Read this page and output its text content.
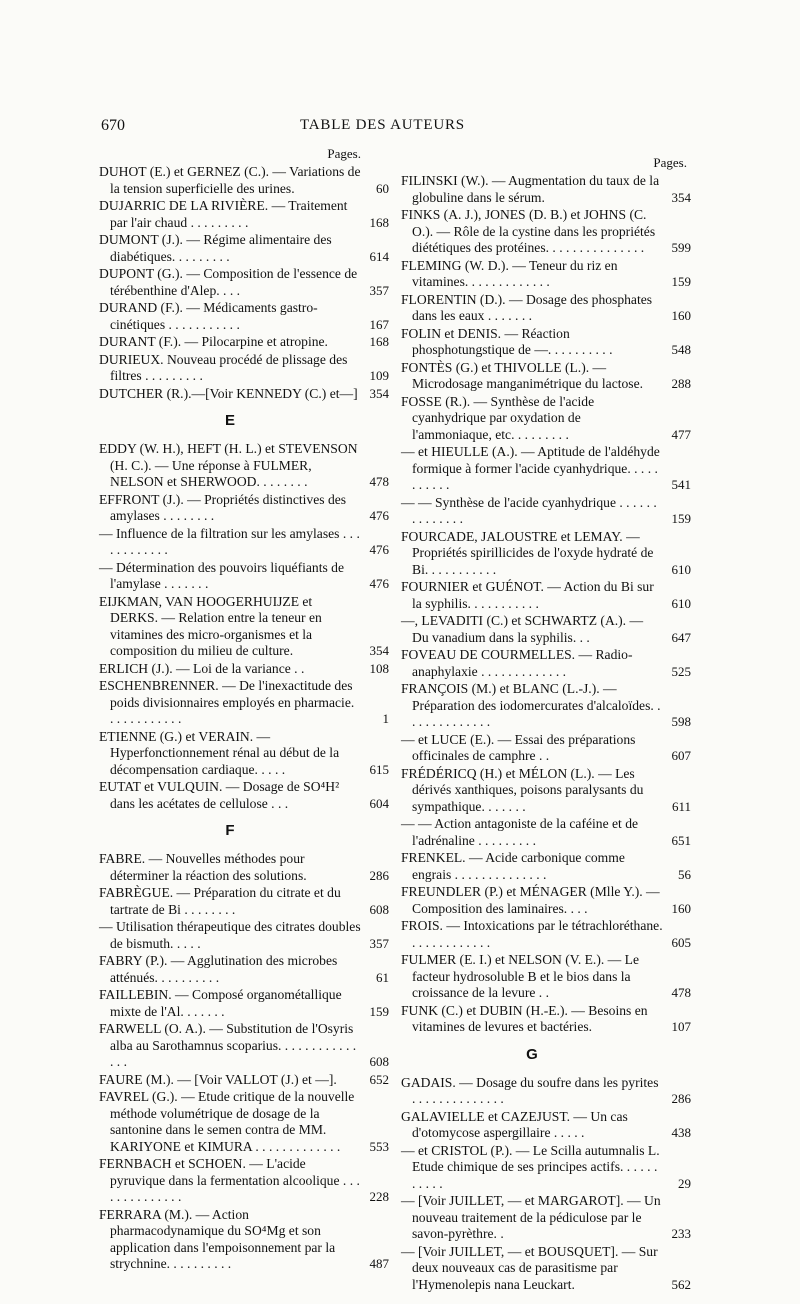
670	TABLE DES AUTEURS
Pages.
DUHOT (E.) et GERNEZ (C.). — Variations de la tension superficielle des urines.	60
DUJARRIC DE LA RIVIÈRE. — Traitement par l'air chaud . . . . . . . . .	168
DUMONT (J.). — Régime alimentaire des diabétiques. . . . . . . . .	614
DUPONT (G.). — Composition de l'essence de térébenthine d'Alep. . . .	357
DURAND (F.). — Médicaments gastro-cinétiques . . . . . . . . . . .	167
DURANT (F.). — Pilocarpine et atropine.	168
DURIEUX. Nouveau procédé de plissage des filtres . . . . . . . . .	109
DUTCHER (R.).—[Voir KENNEDY (C.) et—] 354
E
EDDY (W. H.), HEFT (H. L.) et STEVENSON (H. C.). — Une réponse à FULMER, NELSON et SHERWOOD. . . . . . . .	478
EFFRONT (J.). — Propriétés distinctives des amylases . . . . . . . .	476
— Influence de la filtration sur les amylases . . . . . . . . . . . .	476
— Détermination des pouvoirs liquéfiants de l'amylase . . . . . . .	476
EIJKMAN, VAN HOOGERHUIJZE et DERKS. — Relation entre la teneur en vitamines des micro-organismes et la composition du milieu de culture.	354
ERLICH (J.). — Loi de la variance . .	108
ESCHENBRENNER. — De l'inexactitude des poids divisionnaires employés en pharmacie. . . . . . . . . . . .	1
ETIENNE (G.) et VERAIN. — Hyperfonctionnement rénal au début de la décompensation cardiaque. . . . .	615
EUTAT et VULQUIN. — Dosage de SO⁴H² dans les acétates de cellulose . . .	604
F
FABRE. — Nouvelles méthodes pour déterminer la réaction des solutions.	286
FABRÈGUE. — Préparation du citrate et du tartrate de Bi . . . . . . . .	608
— Utilisation thérapeutique des citrates doubles de bismuth. . . . .	357
FABRY (P.). — Agglutination des microbes atténués. . . . . . . . . .	61
FAILLEBIN. — Composé organométallique mixte de l'Al. . . . . . .	159
FARWELL (O. A.). — Substitution de l'Osyris alba au Sarothamnus scoparius. . . . . . . . . . . . . . .	608
FAURE (M.). — [Voir VALLOT (J.) et —].	652
FAVREL (G.). — Etude critique de la nouvelle méthode volumétrique de dosage de la santonine dans le semen contra de MM. KARIYONE et KIMURA . . . . . . . . . . . . . 553
FERNBACH et SCHOEN. — L'acide pyruvique dans la fermentation alcoolique . . . . . . . . . . . . . .	228
FERRARA (M.). — Action pharmacodynamique du SO⁴Mg et son application dans l'empoisonnement par la strychnine. . . . . . . . . .	487
Pages.
FILINSKI (W.). — Augmentation du taux de la globuline dans le sérum.	354
FINKS (A. J.), JONES (D. B.) et JOHNS (C. O.). — Rôle de la cystine dans les propriétés diététiques des protéines. . . . . . . . . . . . . . . 599
FLEMING (W. D.). — Teneur du riz en vitamines. . . . . . . . . . . . .	159
FLORENTIN (D.). — Dosage des phosphates dans les eaux . . . . . . .	160
FOLIN et DENIS. — Réaction phosphotungstique de —. . . . . . . . . .	548
FONTÈS (G.) et THIVOLLE (L.). — Microdosage manganimétrique du lactose. 288
FOSSE (R.). — Synthèse de l'acide cyanhydrique par oxydation de l'ammoniaque, etc. . . . . . . . .	477
— et HIEULLE (A.). — Aptitude de l'aldéhyde formique à former l'acide cyanhydrique. . . . . . . . . . .	541
— — Synthèse de l'acide cyanhydrique . . . . . . . . . . . . . .	159
FOURCADE, JALOUSTRE et LEMAY. — Propriétés spirillicides de l'oxyde hydraté de Bi. . . . . . . . . . .	610
FOURNIER et GUÉNOT. — Action du Bi sur la syphilis. . . . . . . . . . .	610
—, LEVADITI (C.) et SCHWARTZ (A.). — Du vanadium dans la syphilis. . .	647
FOVEAU DE COURMELLES. — Radio-anaphylaxie . . . . . . . . . . . . .	525
FRANÇOIS (M.) et BLANC (L.-J.). — Préparation des iodomercurates d'alcaloïdes. . . . . . . . . . . . . .	598
— et LUCE (E.). — Essai des préparations officinales de camphre . .	607
FRÉDÉRICQ (H.) et MÉLON (L.). — Les dérivés xanthiques, poisons paralysants du sympathique. . . . . . .	611
— — Action antagoniste de la caféine et de l'adrénaline . . . . . . . . .	651
FRENKEL. — Acide carbonique comme engrais . . . . . . . . . . . . . .	56
FREUNDLER (P.) et MÉNAGER (Mlle Y.). — Composition des laminaires. . . .	160
FROIS. — Intoxications par le tétrachloréthane. . . . . . . . . . . . .	605
FULMER (E. I.) et NELSON (V. E.). — Le facteur hydrosoluble B et le bios dans la croissance de la levure . .	478
FUNK (C.) et DUBIN (H.-E.). — Besoins en vitamines de levures et bactéries.	107
G
GADAIS. — Dosage du soufre dans les pyrites . . . . . . . . . . . . . .	286
GALAVIELLE et CAZEJUST. — Un cas d'otomycose aspergillaire . . . . .	438
— et CRISTOL (P.). — Le Scilla autumnalis L. Etude chimique de ses principes actifs. . . . . . . . . . .	29
— [Voir JUILLET, — et MARGAROT]. — Un nouveau traitement de la pédiculose par le savon-pyrèthre. .	233
— [Voir JUILLET, — et BOUSQUET]. — Sur deux nouveaux cas de parasitisme par l'Hymenolepis nana Leuckart.	562
